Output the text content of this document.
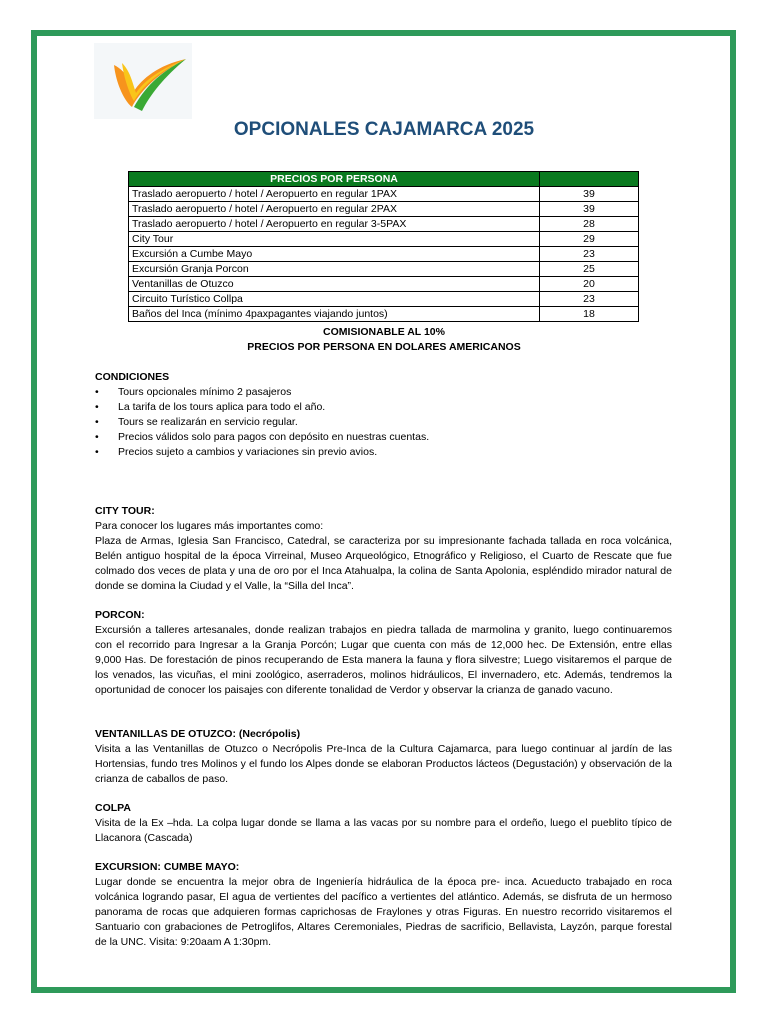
OPCIONALES CAJAMARCA 2025
PRECIOS POR PERSONA	
Traslado aeropuerto / hotel / Aeropuerto en regular 1PAX	39
Traslado aeropuerto / hotel / Aeropuerto en regular 2PAX	39
Traslado aeropuerto / hotel / Aeropuerto en regular 3-5PAX	28
City Tour	29
Excursión a Cumbe Mayo	23
Excursión Granja Porcon	25
Ventanillas de Otuzco	20
Circuito Turístico Collpa	23
Baños del Inca (mínimo 4paxpagantes viajando juntos)	18
COMISIONABLE AL 10%
PRECIOS POR PERSONA EN DOLARES AMERICANOS
CONDICIONES
• Tours opcionales mínimo 2 pasajeros
• La tarifa de los tours aplica para todo el año.
• Tours se realizarán en servicio regular.
• Precios válidos solo para pagos con depósito en nuestras cuentas.
• Precios sujeto a cambios y variaciones sin previo avios.
CITY TOUR:
Para conocer los lugares más importantes como:
Plaza de Armas, Iglesia San Francisco, Catedral, se caracteriza por su impresionante fachada tallada en roca volcánica, Belén antiguo hospital de la época Virreinal, Museo Arqueológico, Etnográfico y Religioso, el Cuarto de Rescate que fue colmado dos veces de plata y una de oro por el Inca Atahualpa, la colina de Santa Apolonia, espléndido mirador natural de donde se domina la Ciudad y el Valle, la “Silla del Inca”.
PORCON:
Excursión a talleres artesanales, donde realizan trabajos en piedra tallada de marmolina y granito, luego continuaremos con el recorrido para Ingresar a la Granja Porcón; Lugar que cuenta con más de 12,000 hec. De Extensión, entre ellas 9,000 Has. De forestación de pinos recuperando de Esta manera la fauna y flora silvestre; Luego visitaremos el parque de los venados, las vicuñas, el mini zoológico, aserraderos, molinos hidráulicos, El invernadero, etc. Además, tendremos la oportunidad de conocer los paisajes con diferente tonalidad de Verdor y observar la crianza de ganado vacuno.
VENTANILLAS DE OTUZCO: (Necrópolis)
Visita a las Ventanillas de Otuzco o Necrópolis Pre-Inca de la Cultura Cajamarca, para luego continuar al jardín de las Hortensias, fundo tres Molinos y el fundo los Alpes donde se elaboran Productos lácteos (Degustación) y observación de la crianza de caballos de paso.
COLPA
Visita de la Ex –hda. La colpa lugar donde se llama a las vacas por su nombre para el ordeño, luego el pueblito típico de Llacanora (Cascada)
EXCURSION: CUMBE MAYO:
Lugar donde se encuentra la mejor obra de Ingeniería hidráulica de la época pre- inca. Acueducto trabajado en roca volcánica logrando pasar, El agua de vertientes del pacífico a vertientes del atlántico. Además, se disfruta de un hermoso panorama de rocas que adquieren formas caprichosas de Fraylones y otras Figuras. En nuestro recorrido visitaremos el Santuario con grabaciones de Petroglifos, Altares Ceremoniales, Piedras de sacrificio, Bellavista, Layzón, parque forestal de la UNC. Visita: 9:20aam A 1:30pm.
